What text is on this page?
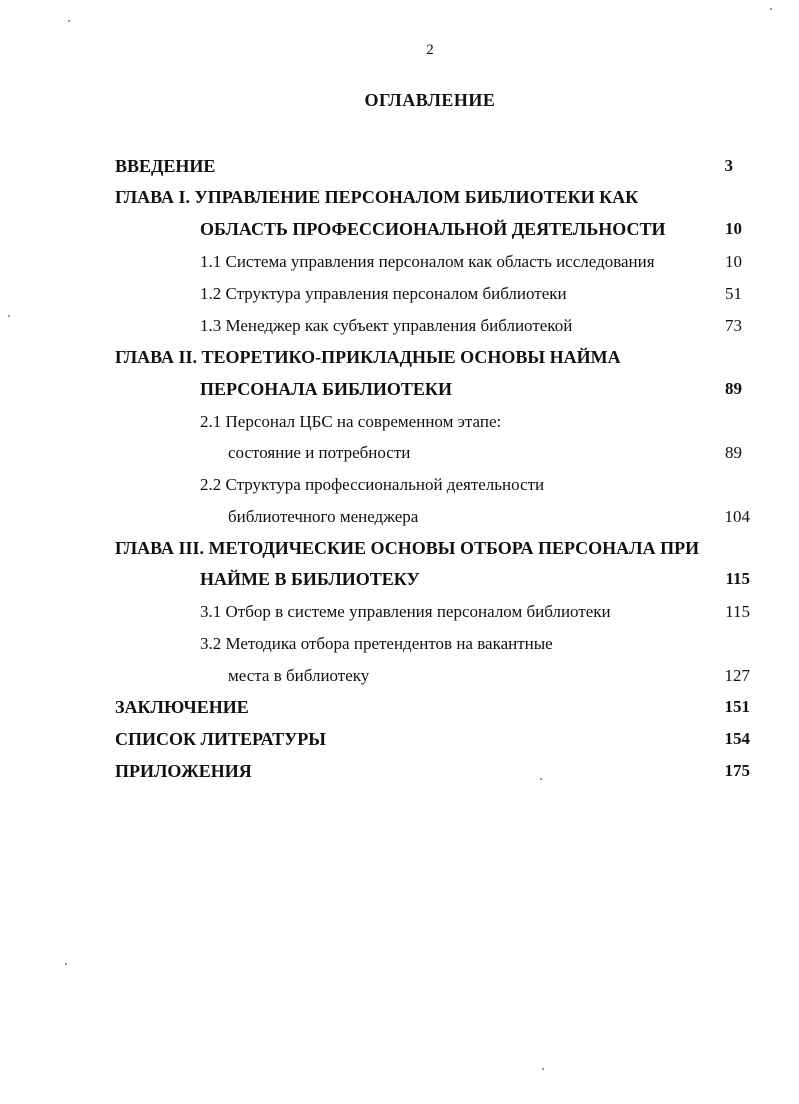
2
ОГЛАВЛЕНИЕ
ВВЕДЕНИЕ	3
ГЛАВА I. УПРАВЛЕНИЕ ПЕРСОНАЛОМ БИБЛИОТЕКИ КАК
ОБЛАСТЬ ПРОФЕССИОНАЛЬНОЙ ДЕЯТЕЛЬНОСТИ	10
1.1 Система управления персоналом как область исследования	10
1.2 Структура управления персоналом библиотеки	51
1.3 Менеджер как субъект управления библиотекой	73
ГЛАВА II. ТЕОРЕТИКО-ПРИКЛАДНЫЕ ОСНОВЫ НАЙМА
ПЕРСОНАЛА БИБЛИОТЕКИ	89
2.1 Персонал ЦБС на современном этапе:
состояние и потребности	89
2.2 Структура профессиональной деятельности
библиотечного менеджера	104
ГЛАВА III. МЕТОДИЧЕСКИЕ ОСНОВЫ ОТБОРА ПЕРСОНАЛА ПРИ
НАЙМЕ В БИБЛИОТЕКУ	115
3.1 Отбор в системе управления персоналом библиотеки	115
3.2 Методика отбора претендентов на вакантные
места в библиотеку	127
ЗАКЛЮЧЕНИЕ	151
СПИСОК ЛИТЕРАТУРЫ	154
ПРИЛОЖЕНИЯ	175
